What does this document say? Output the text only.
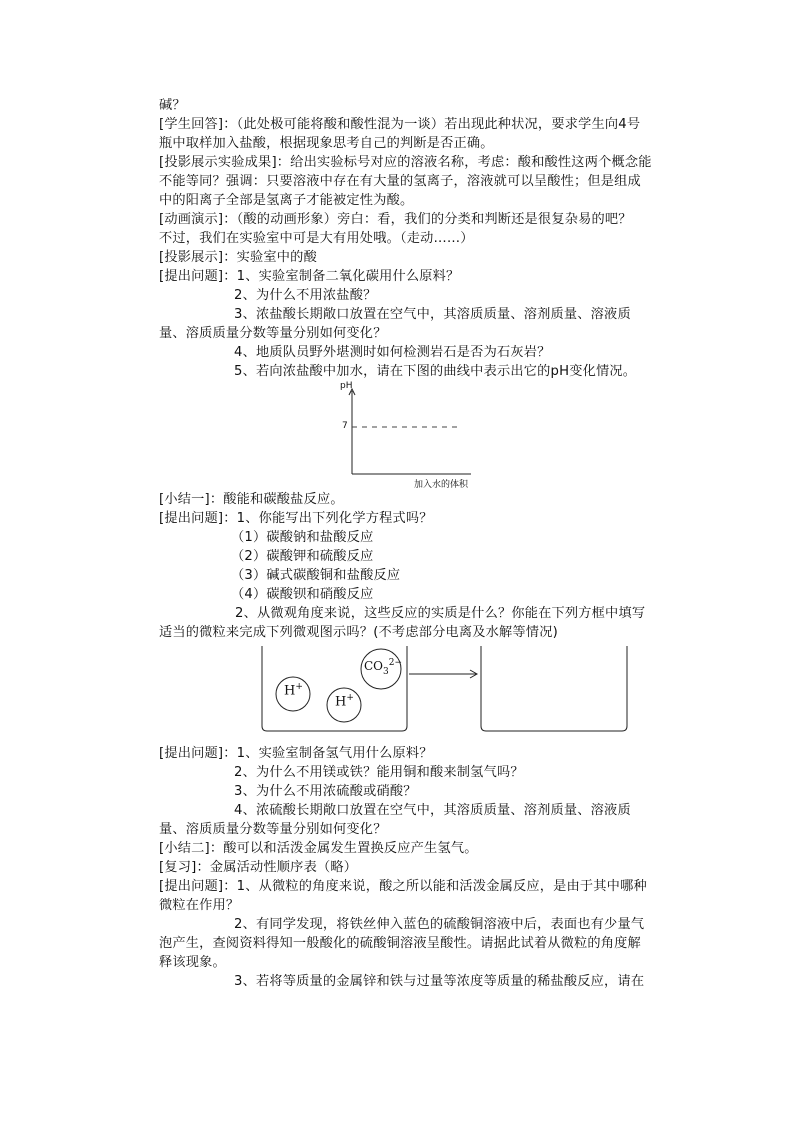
碱？
[学生回答]：（此处极可能将酸和酸性混为一谈）若出现此种状况，要求学生向4号
瓶中取样加入盐酸，根据现象思考自己的判断是否正确。
[投影展示实验成果]：给出实验标号对应的溶液名称，考虑：酸和酸性这两个概念能
不能等同？强调：只要溶液中存在有大量的氢离子，溶液就可以呈酸性；但是组成
中的阳离子全部是氢离子才能被定性为酸。
[动画演示]：（酸的动画形象）旁白：看，我们的分类和判断还是很复杂易的吧？
不过，我们在实验室中可是大有用处哦。（走动……）
[投影展示]：实验室中的酸
[提出问题]：1、实验室制备二氧化碳用什么原料？
2、为什么不用浓盐酸？
3、浓盐酸长期敞口放置在空气中，其溶质质量、溶剂质量、溶液质
量、溶质质量分数等量分别如何变化？
4、地质队员野外堪测时如何检测岩石是否为石灰岩？
5、若向浓盐酸中加水，请在下图的曲线中表示出它的pH变化情况。
pH
7
加入水的体积
[小结一]：酸能和碳酸盐反应。
[提出问题]：1、你能写出下列化学方程式吗？
（1）碳酸钠和盐酸反应
（2）碳酸钾和硫酸反应
（3）碱式碳酸铜和盐酸反应
（4）碳酸钡和硝酸反应
2、从微观角度来说，这些反应的实质是什么？你能在下列方框中填写
适当的微粒来完成下列微观图示吗？(不考虑部分电离及水解等情况)
H+
H+
$CO_3^{2-}$
[提出问题]：1、实验室制备氢气用什么原料？
2、为什么不用镁或铁？能用铜和酸来制氢气吗？
3、为什么不用浓硫酸或硝酸？
4、浓硫酸长期敞口放置在空气中，其溶质质量、溶剂质量、溶液质
量、溶质质量分数等量分别如何变化？
[小结二]：酸可以和活泼金属发生置换反应产生氢气。
[复习]：金属活动性顺序表（略）
[提出问题]：1、从微粒的角度来说，酸之所以能和活泼金属反应，是由于其中哪种
微粒在作用？
2、有同学发现，将铁丝伸入蓝色的硫酸铜溶液中后，表面也有少量气
泡产生，查阅资料得知一般酸化的硫酸铜溶液呈酸性。请据此试着从微粒的角度解
释该现象。
3、若将等质量的金属锌和铁与过量等浓度等质量的稀盐酸反应，请在
